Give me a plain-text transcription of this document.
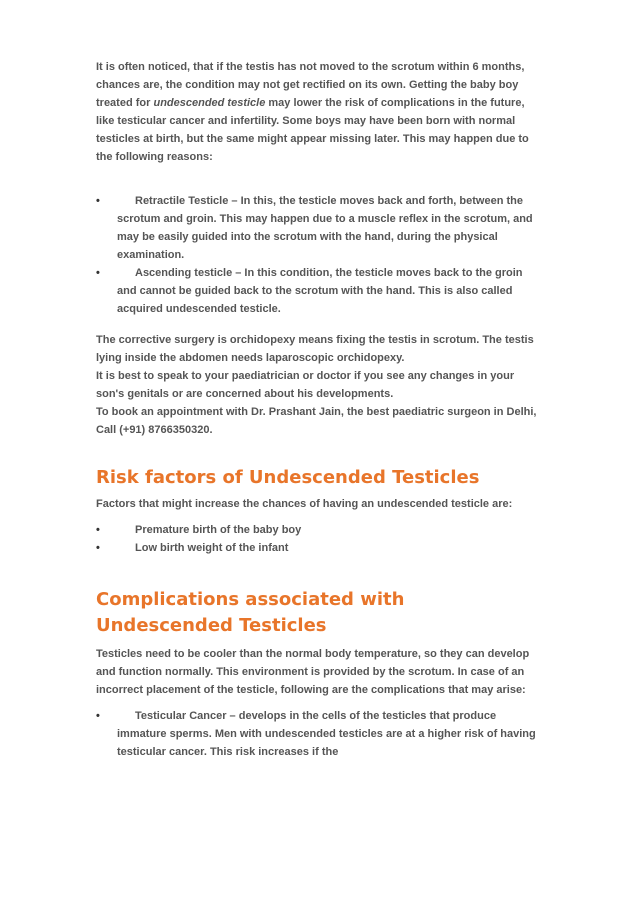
It is often noticed, that if the testis has not moved to the scrotum within 6 months, chances are, the condition may not get rectified on its own. Getting the baby boy treated for undescended testicle may lower the risk of complications in the future, like testicular cancer and infertility. Some boys may have been born with normal testicles at birth, but the same might appear missing later. This may happen due to the following reasons:

•	Retractile Testicle – In this, the testicle moves back and forth, between the scrotum and groin. This may happen due to a muscle reflex in the scrotum, and may be easily guided into the scrotum with the hand, during the physical examination.
•	Ascending testicle – In this condition, the testicle moves back to the groin and cannot be guided back to the scrotum with the hand. This is also called acquired undescended testicle.

The corrective surgery is orchidopexy means fixing the testis in scrotum. The testis lying inside the abdomen needs laparoscopic orchidopexy.

It is best to speak to your paediatrician or doctor if you see any changes in your son's genitals or are concerned about his developments.

To book an appointment with Dr. Prashant Jain, the best paediatric surgeon in Delhi, Call (+91) 8766350320.

Risk factors of Undescended Testicles

Factors that might increase the chances of having an undescended testicle are:

•	Premature birth of the baby boy
•	Low birth weight of the infant
Complications associated with Undescended Testicles

Testicles need to be cooler than the normal body temperature, so they can develop and function normally. This environment is provided by the scrotum. In case of an incorrect placement of the testicle, following are the complications that may arise:

•	Testicular Cancer – develops in the cells of the testicles that produce immature sperms. Men with undescended testicles are at a higher risk of having testicular cancer. This risk increases if the
